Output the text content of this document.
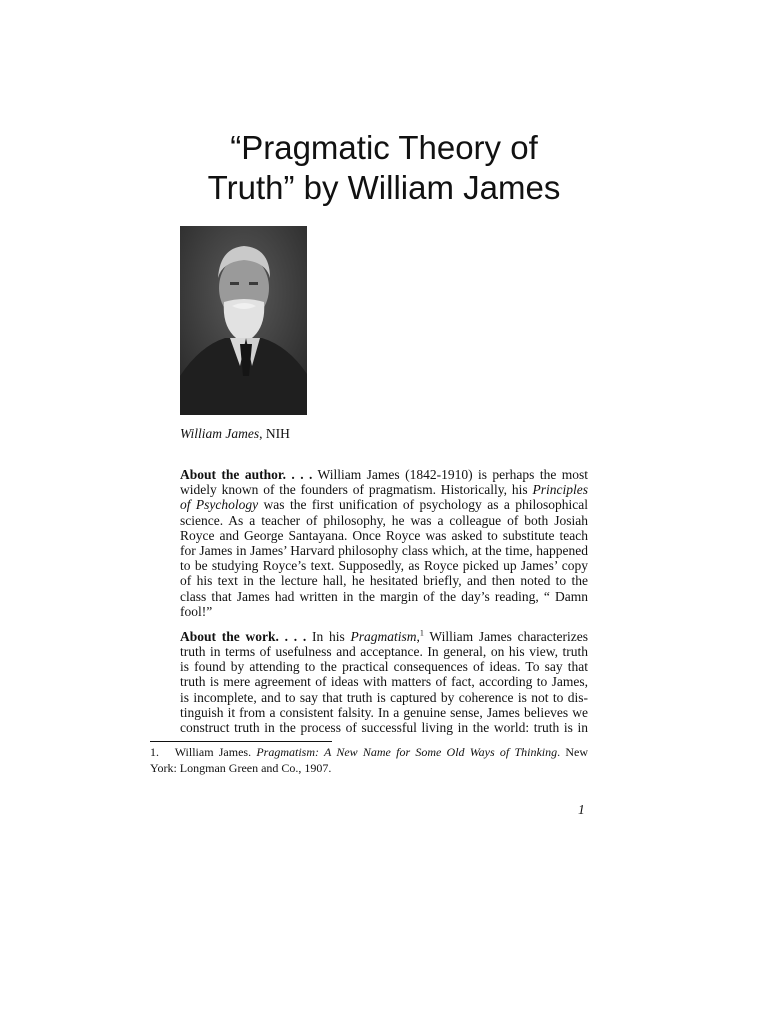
“Pragmatic Theory of
Truth” by William James
William James, NIH
About the author. . . . William James (1842-1910) is perhaps the most
widely known of the founders of pragmatism. Historically, his Principles
of Psychology was the first unification of psychology as a philosophical
science. As a teacher of philosophy, he was a colleague of both Josiah
Royce and George Santayana. Once Royce was asked to substitute teach
for James in James’ Harvard philosophy class which, at the time, happened
to be studying Royce’s text. Supposedly, as Royce picked up James’ copy
of his text in the lecture hall, he hesitated briefly, and then noted to the
class that James had written in the margin of the day’s reading, “ Damn
fool!”
About the work. . . . In his Pragmatism,$^1$ William James characterizes
truth in terms of usefulness and acceptance. In general, on his view, truth
is found by attending to the practical consequences of ideas. To say that
truth is mere agreement of ideas with matters of fact, according to James,
is incomplete, and to say that truth is captured by coherence is not to dis-
tinguish it from a consistent falsity. In a genuine sense, James believes we
construct truth in the process of successful living in the world: truth is in
1. William James. Pragmatism: A New Name for Some Old Ways of Thinking. New
York: Longman Green and Co., 1907.
1
